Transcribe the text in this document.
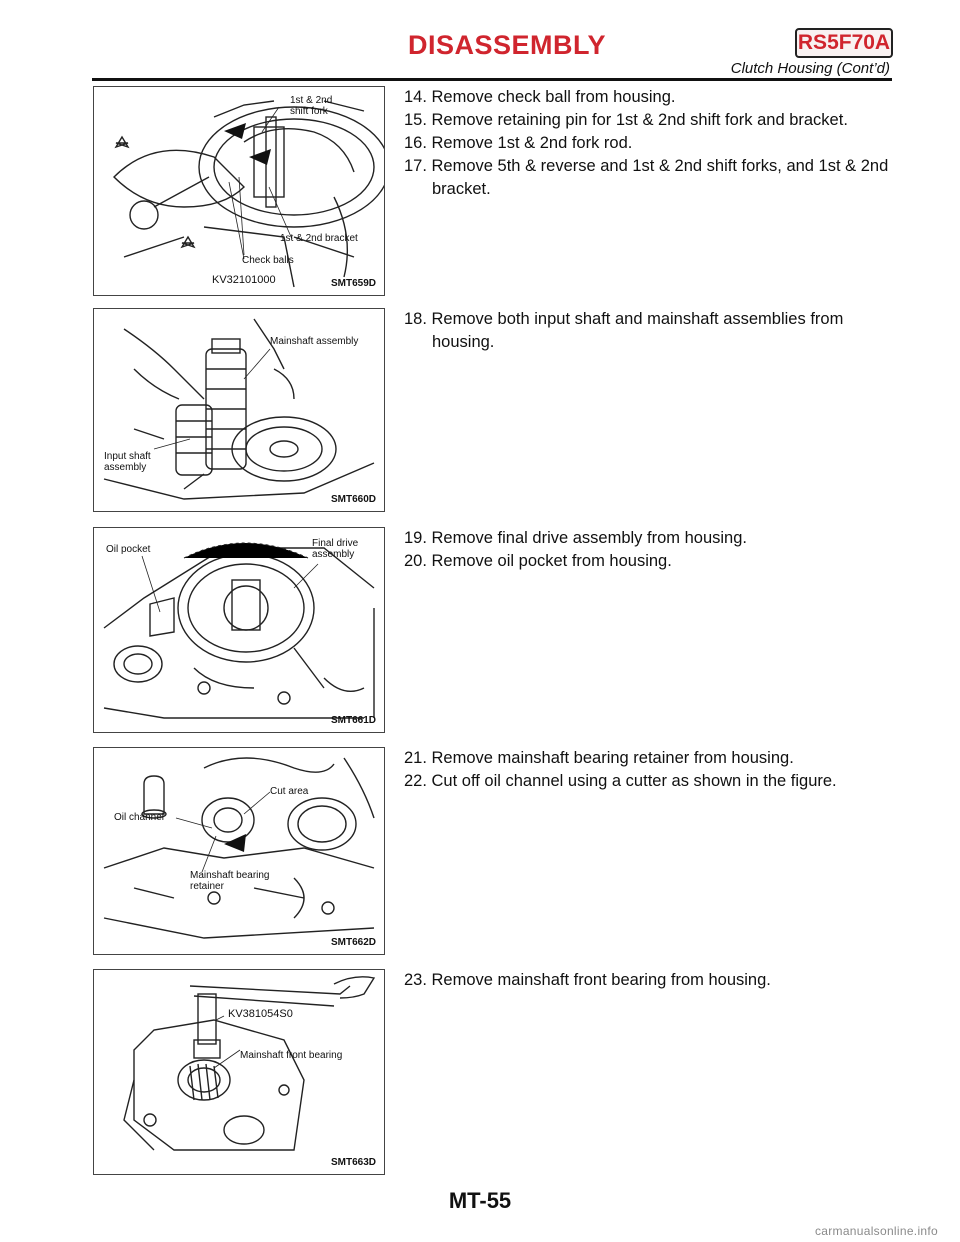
DISASSEMBLY	RS5F70A
Clutch Housing (Cont’d)
1st & 2nd
shift fork
1st & 2nd bracket
Check balls
KV32101000	SMT659D
Mainshaft assembly
Input shaft
assembly
SMT660D
Oil pocket
Final drive
assembly
SMT661D
Oil channel
Cut area
Mainshaft bearing
retainer
SMT662D
KV381054S0
Mainshaft front bearing
SMT663D

14. Remove check ball from housing.

15. Remove retaining pin for 1st & 2nd shift fork and bracket.

16. Remove 1st & 2nd fork rod.

17. Remove 5th & reverse and 1st & 2nd shift forks, and 1st & 2nd bracket.

18. Remove both input shaft and mainshaft assemblies from housing.

19. Remove final drive assembly from housing.

20. Remove oil pocket from housing.

21. Remove mainshaft bearing retainer from housing.

22. Cut off oil channel using a cutter as shown in the figure.

23. Remove mainshaft front bearing from housing.

MT-55
carmanualsonline.info
